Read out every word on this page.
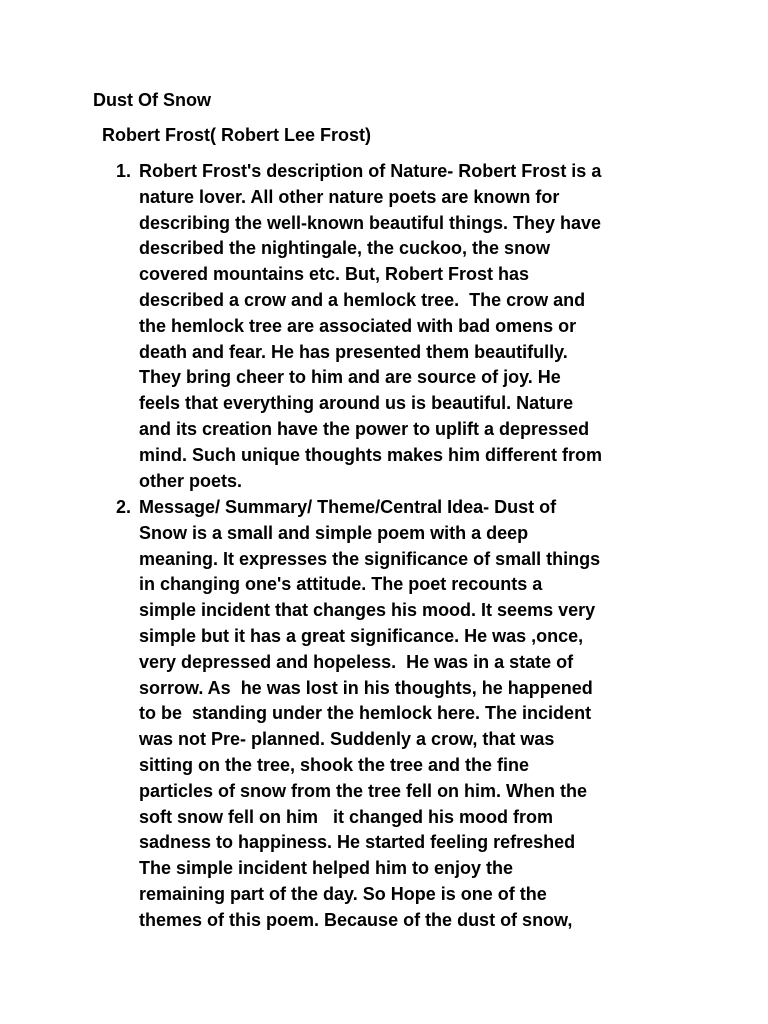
Dust Of Snow
Robert Frost( Robert Lee Frost)
1. Robert Frost's description of Nature- Robert Frost is a
nature lover. All other nature poets are known for
describing the well-known beautiful things. They have
described the nightingale, the cuckoo, the snow
covered mountains etc. But, Robert Frost has
described a crow and a hemlock tree.  The crow and
the hemlock tree are associated with bad omens or
death and fear. He has presented them beautifully.
They bring cheer to him and are source of joy. He
feels that everything around us is beautiful. Nature
and its creation have the power to uplift a depressed
mind. Such unique thoughts makes him different from
other poets.
2. Message/ Summary/ Theme/Central Idea- Dust of
Snow is a small and simple poem with a deep
meaning. It expresses the significance of small things
in changing one's attitude. The poet recounts a
simple incident that changes his mood. It seems very
simple but it has a great significance. He was ,once,
very depressed and hopeless.  He was in a state of
sorrow. As  he was lost in his thoughts, he happened
to be  standing under the hemlock here. The incident
was not Pre- planned. Suddenly a crow, that was
sitting on the tree, shook the tree and the fine
particles of snow from the tree fell on him. When the
soft snow fell on him   it changed his mood from
sadness to happiness. He started feeling refreshed
The simple incident helped him to enjoy the
remaining part of the day. So Hope is one of the
themes of this poem. Because of the dust of snow,
